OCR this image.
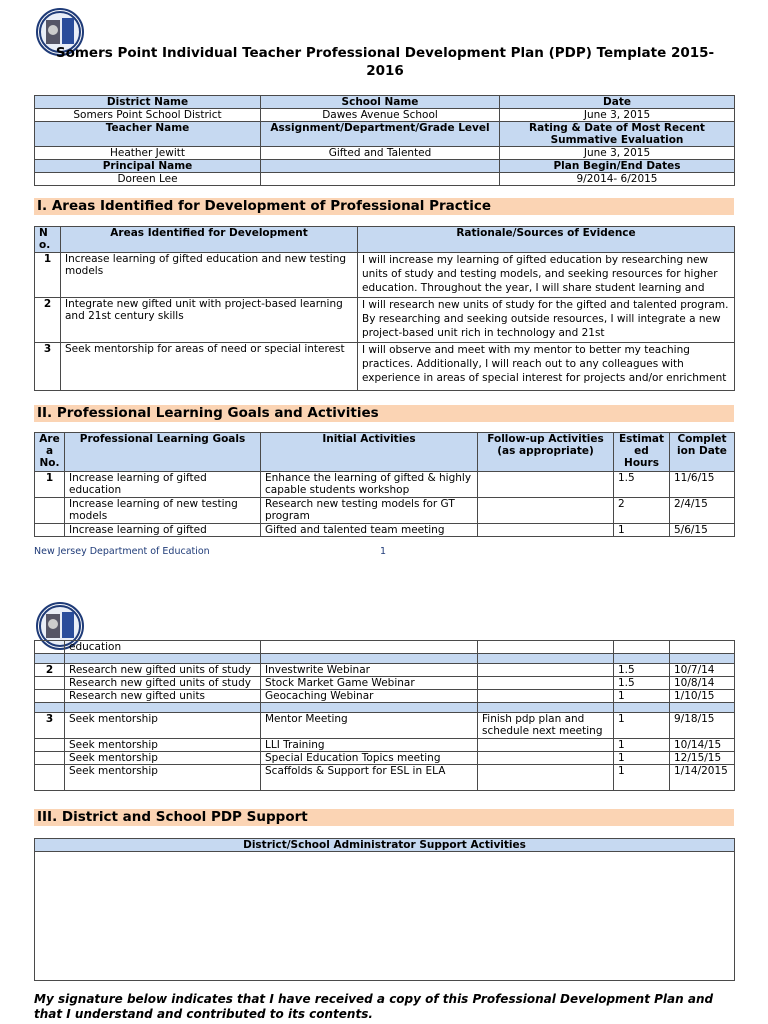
Somers Point Individual Teacher Professional Development Plan (PDP) Template 2015-2016
District Name	School Name	Date
Somers Point School District	Dawes Avenue School	June 3, 2015
Teacher Name	Assignment/Department/Grade Level	Rating & Date of Most Recent Summative Evaluation
Heather Jewitt	Gifted and Talented	June 3, 2015
Principal Name		Plan Begin/End Dates
Doreen Lee		9/2014- 6/2015
I. Areas Identified for Development of Professional Practice
N o.	Areas Identified for Development	Rationale/Sources of Evidence
1	Increase learning of gifted education and new testing models	I will increase my learning of gifted education by researching new units of study and testing models, and seeking resources for higher education. Throughout the year, I will share student learning and

2	Integrate new gifted unit with project-based learning and 21st century skills	I will research new units of study for the gifted and talented program. By researching and seeking outside resources, I will integrate a new project-based unit rich in technology and 21st

3	Seek mentorship for areas of need or special interest	I will observe and meet with my mentor to better my teaching practices. Additionally, I will reach out to any colleagues with experience in areas of special interest for projects and/or enrichment
II. Professional Learning Goals and Activities
Are a No.	Professional Learning Goals	Initial Activities	Follow-up Activities (as appropriate)	Estimat ed Hours	Complet ion Date
1	Increase learning of gifted education	Enhance the learning of gifted & highly capable students workshop		1.5	11/6/15
	Increase learning of new testing models	Research new testing models for GT program		2	2/4/15
	Increase learning of gifted	Gifted and talented team meeting		1	5/6/15
New Jersey Department of Education	1
	education				

2	Research new gifted units of study	Investwrite Webinar		1.5	10/7/14
	Research new gifted units of study	Stock Market Game Webinar		1.5	10/8/14
	Research new gifted units	Geocaching Webinar		1	1/10/15

3	Seek mentorship	Mentor Meeting	Finish pdp plan and schedule next meeting	1	9/18/15
	Seek mentorship	LLI Training		1	10/14/15
	Seek mentorship	Special Education Topics meeting		1	12/15/15
	Seek mentorship	Scaffolds & Support for ESL in ELA		1	1/14/2015
III. District and School PDP Support
District/School Administrator Support Activities

My signature below indicates that I have received a copy of this Professional Development Plan and that I understand and contributed to its contents.
